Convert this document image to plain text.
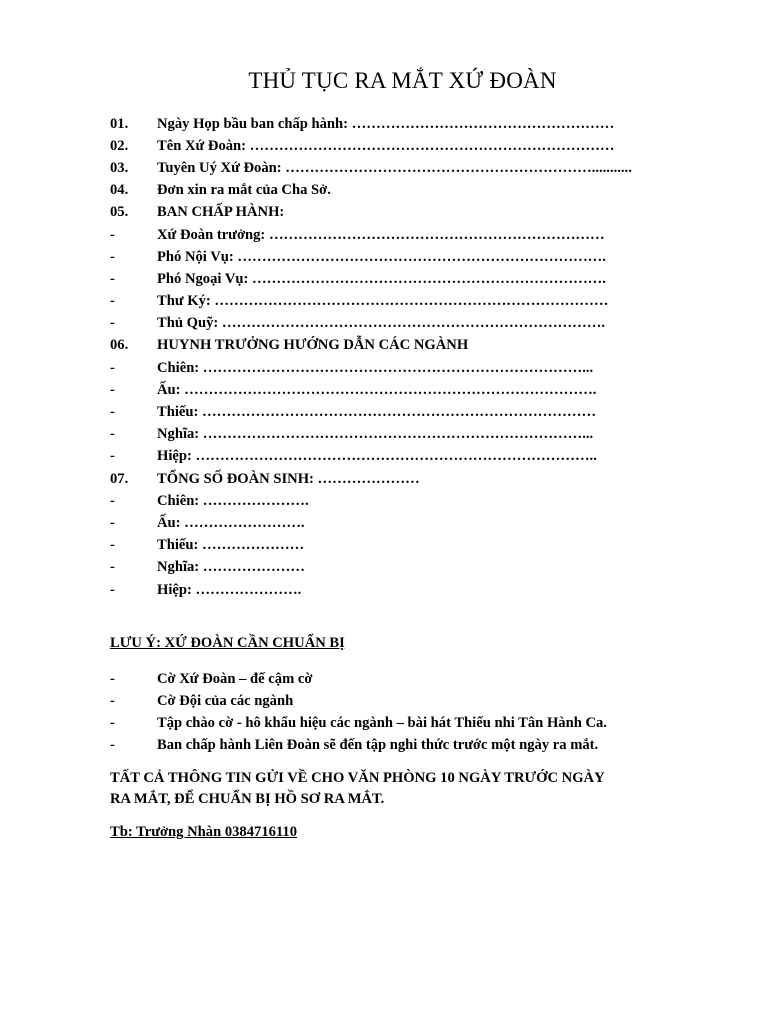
THỦ TỤC RA MẮT XỨ ĐOÀN
01.	Ngày Họp bầu ban chấp hành: ………………………………………………
02.	Tên Xứ Đoàn: …………………………………………………………………
03.	Tuyên Uý Xứ Đoàn: ………………………………………………………...........
04.	Đơn xin ra mắt của Cha Sở.
05.	BAN CHẤP HÀNH:
-	Xứ Đoàn trưởng: ……………………………………………………………
-	Phó Nội Vụ: ………………………………………………………………….
-	Phó Ngoại Vụ: ……………………………………………………………….
-	Thư Ký: ………………………………………………………………………
-	Thủ Quỹ: …………………………………………………………………….
06.	HUYNH TRƯỞNG HƯỚNG DẪN CÁC NGÀNH
-	Chiên: ……………………………………………………………………...
-	Ấu: ………………………………………………………………………….
-	Thiếu: ………………………………………………………………………
-	Nghĩa: ……………………………………………………………………...
-	Hiệp: ………………………………………………………………………..
07.	TỔNG SỐ ĐOÀN SINH: …………………
-	Chiên: ………………….
-	Ấu: …………………….
-	Thiếu: …………………
-	Nghĩa: …………………
-	Hiệp: ………………….
LƯU Ý: XỨ ĐOÀN CẦN CHUẨN BỊ
-	Cờ Xứ Đoàn – đế cậm cờ
-	Cờ Đội của các ngành
-	Tập chào cờ - hô khẩu hiệu các ngành – bài hát Thiếu nhi Tân Hành Ca.
-	Ban chấp hành Liên Đoàn sẽ đến tập nghi thức trước một ngày ra mắt.
TẤT CẢ THÔNG TIN GỬI VỀ CHO VĂN PHÒNG 10 NGÀY TRƯỚC NGÀY
RA MẮT, ĐỂ CHUẨN BỊ HỒ SƠ RA MẮT.
Tb: Trưởng Nhàn 0384716110
